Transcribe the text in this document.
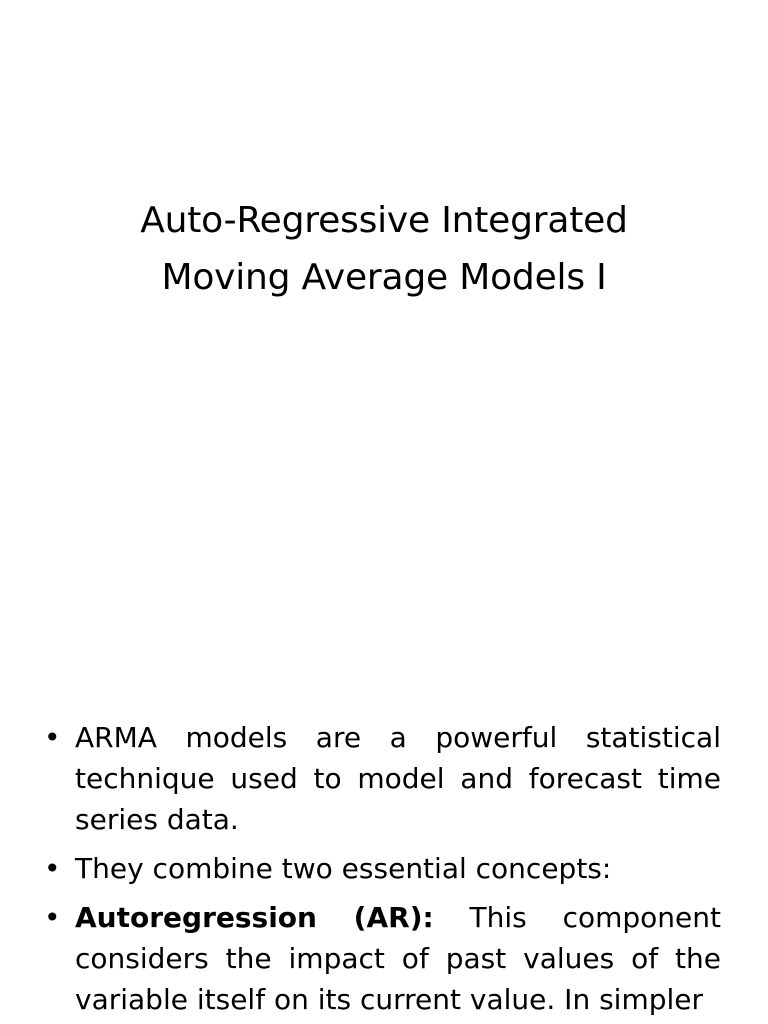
Auto-Regressive Integrated
Moving Average Models I
• ARMA models are a powerful statistical technique used to model and forecast time series data.
• They combine two essential concepts:
• Autoregression (AR): This component considers the impact of past values of the variable itself on its current value. In simpler
